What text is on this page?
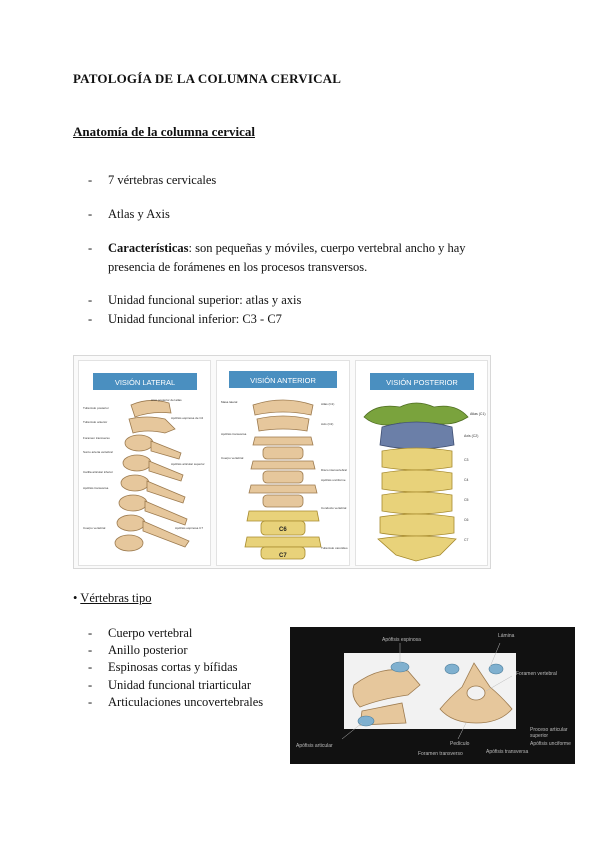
PATOLOGÍA DE LA COLUMNA CERVICAL

Anatomía de la columna cervical

- 7 vértebras cervicales
- Atlas y Axis
- Características: son pequeñas y móviles, cuerpo vertebral ancho y hay presencia de forámenes en los procesos transversos.
- Unidad funcional superior: atlas y axis
- Unidad funcional inferior: C3 - C7
VISIÓN LATERAL
Arco posterior del atlas
Tubérculo posterior
Apófisis espinosa de C2
Tubérculo anterior
Foramen transverso
Surco arteria vertebral
Apófisis articular superior
Carilla articular inferior
Apófisis transversa
Cuerpo vertebral	Apófisis espinosa C7
VISIÓN ANTERIOR
Masa lateral	Atlas (C1)
Axis (C2)
Apófisis transversa
Cuerpo vertebral
Disco intervertebral
Apófisis unciforme
Conducto vertebral
C6
C7
Tubérculo carotídeo
VISIÓN POSTERIOR
Atlas (C1)
Axis (C2)
C3
C4
C5
C6
C7
• Vértebras tipo
- Cuerpo vertebral
- Anillo posterior
- Espinosas cortas y bífidas
- Unidad funcional triarticular
- Articulaciones uncovertebrales
Apófisis espinosa
Lámina
Foramen vertebral
Pedículo
Apófisis transversa
Foramen transverso
Proceso articular superior
Apófisis unciforme
Apófisis articular
